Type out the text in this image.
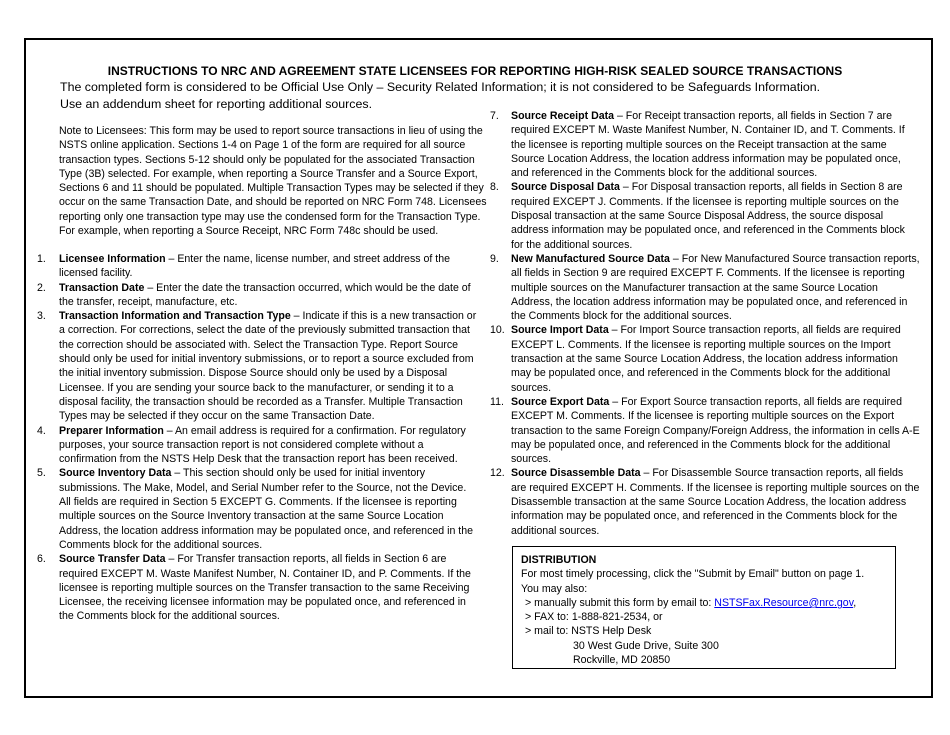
INSTRUCTIONS TO NRC AND AGREEMENT STATE LICENSEES FOR REPORTING HIGH-RISK SEALED SOURCE TRANSACTIONS
The completed form is considered to be Official Use Only – Security Related Information; it is not considered to be Safeguards Information.
Use an addendum sheet for reporting additional sources.
Note to Licensees: This form may be used to report source transactions in lieu of using the NSTS online application. Sections 1-4 on Page 1 of the form are required for all source transaction types. Sections 5-12 should only be populated for the associated Transaction Type (3B) selected. For example, when reporting a Source Transfer and a Source Export, Sections 6 and 11 should be populated. Multiple Transaction Types may be selected if they occur on the same Transaction Date, and should be reported on NRC Form 748. Licensees reporting only one transaction type may use the condensed form for the Transaction Type. For example, when reporting a Source Receipt, NRC Form 748c should be used.
1.	Licensee Information – Enter the name, license number, and street address of the licensed facility.
2.	Transaction Date – Enter the date the transaction occurred, which would be the date of the transfer, receipt, manufacture, etc.
3.	Transaction Information and Transaction Type – Indicate if this is a new transaction or a correction. For corrections, select the date of the previously submitted transaction that the correction should be associated with. Select the Transaction Type. Report Source should only be used for initial inventory submissions, or to report a source excluded from the initial inventory submission. Dispose Source should only be used by a Disposal Licensee. If you are sending your source back to the manufacturer, or sending it to a disposal facility, the transaction should be recorded as a Transfer. Multiple Transaction Types may be selected if they occur on the same Transaction Date.
4.	Preparer Information – An email address is required for a confirmation. For regulatory purposes, your source transaction report is not considered complete without a confirmation from the NSTS Help Desk that the transaction report has been received.
5.	Source Inventory Data – This section should only be used for initial inventory submissions. The Make, Model, and Serial Number refer to the Source, not the Device. All fields are required in Section 5 EXCEPT G. Comments. If the licensee is reporting multiple sources on the Source Inventory transaction at the same Source Location Address, the location address information may be populated once, and referenced in the Comments block for the additional sources.
6.	Source Transfer Data – For Transfer transaction reports, all fields in Section 6 are required EXCEPT M. Waste Manifest Number, N. Container ID, and P. Comments. If the licensee is reporting multiple sources on the Transfer transaction to the same Receiving Licensee, the receiving licensee information may be populated once, and referenced in the Comments block for the additional sources.
7.	Source Receipt Data – For Receipt transaction reports, all fields in Section 7 are required EXCEPT M. Waste Manifest Number, N. Container ID, and T. Comments. If the licensee is reporting multiple sources on the Receipt transaction at the same Source Location Address, the location address information may be populated once, and referenced in the Comments block for the additional sources.
8.	Source Disposal Data – For Disposal transaction reports, all fields in Section 8 are required EXCEPT J. Comments. If the licensee is reporting multiple sources on the Disposal transaction at the same Source Disposal Address, the source disposal address information may be populated once, and referenced in the Comments block for the additional sources.
9.	New Manufactured Source Data – For New Manufactured Source transaction reports, all fields in Section 9 are required EXCEPT F. Comments. If the licensee is reporting multiple sources on the Manufacturer transaction at the same Source Location Address, the location address information may be populated once, and referenced in the Comments block for the additional sources.
10. Source Import Data – For Import Source transaction reports, all fields are required EXCEPT L. Comments. If the licensee is reporting multiple sources on the Import transaction at the same Source Location Address, the location address information may be populated once, and referenced in the Comments block for the additional sources.
11. Source Export Data – For Export Source transaction reports, all fields are required EXCEPT M. Comments. If the licensee is reporting multiple sources on the Export transaction to the same Foreign Company/Foreign Address, the information in cells A-E may be populated once, and referenced in the Comments block for the additional sources.
12. Source Disassemble Data – For Disassemble Source transaction reports, all fields are required EXCEPT H. Comments. If the licensee is reporting multiple sources on the Disassemble transaction at the same Source Location Address, the location address information may be populated once, and referenced in the Comments block for the additional sources.
DISTRIBUTION
For most timely processing, click the "Submit by Email" button on page 1.
You may also:
> manually submit this form by email to: NSTSFax.Resource@nrc.gov,
> FAX to: 1-888-821-2534, or
> mail to: NSTS Help Desk
30 West Gude Drive, Suite 300
Rockville, MD 20850
